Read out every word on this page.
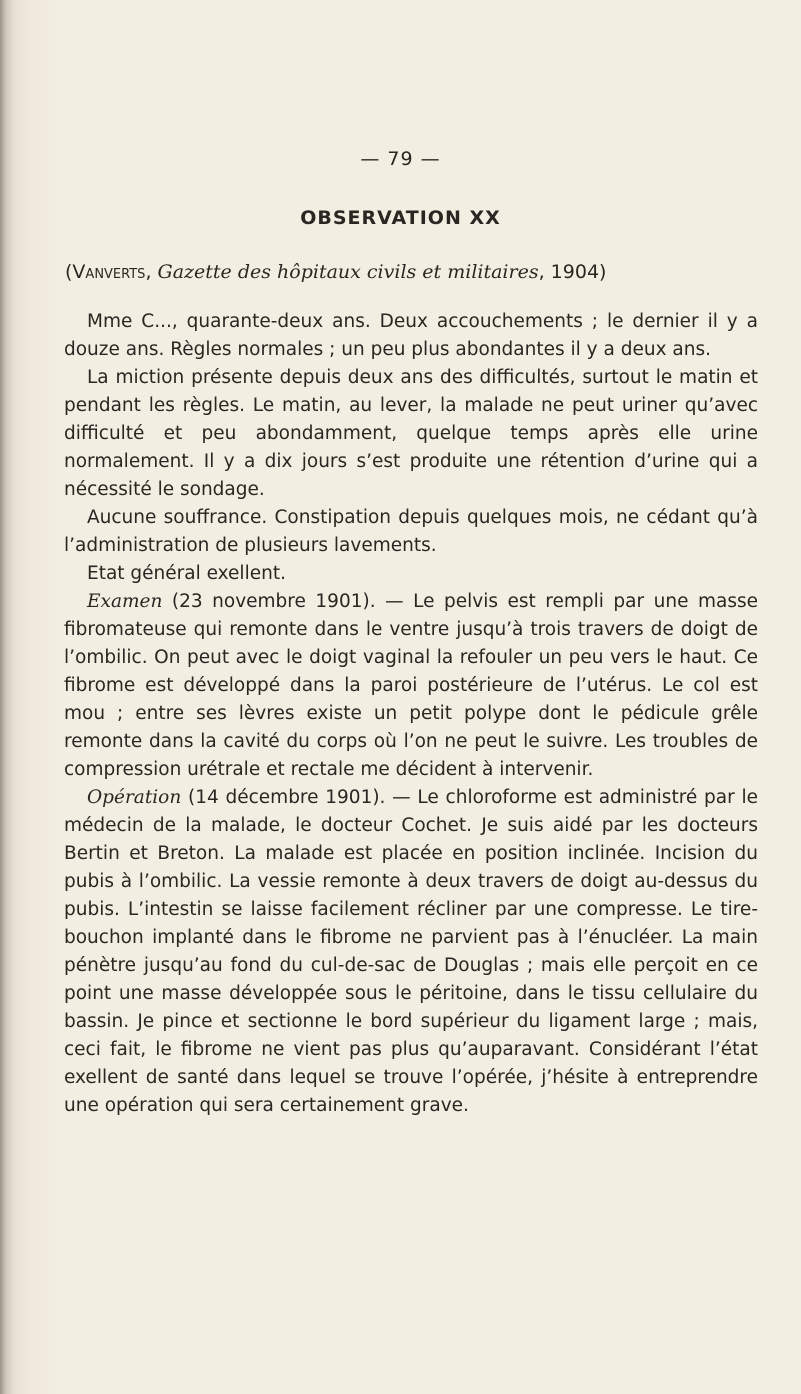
— 79 —
OBSERVATION XX
(Vanverts, Gazette des hôpitaux civils et militaires, 1904)

Mme C..., quarante-deux ans. Deux accouchements ; le dernier il y a douze ans. Règles normales ; un peu plus abondantes il y a deux ans.

La miction présente depuis deux ans des difficultés, surtout le matin et pendant les règles. Le matin, au lever, la malade ne peut uriner qu’avec difficulté et peu abondamment, quelque temps après elle urine normalement. Il y a dix jours s’est produite une rétention d’urine qui a nécessité le sondage.

Aucune souffrance. Constipation depuis quelques mois, ne cédant qu’à l’administration de plusieurs lavements.

Etat général exellent.

Examen (23 novembre 1901). — Le pelvis est rempli par une masse fibromateuse qui remonte dans le ventre jusqu’à trois travers de doigt de l’ombilic. On peut avec le doigt vaginal la refouler un peu vers le haut. Ce fibrome est développé dans la paroi postérieure de l’utérus. Le col est mou ; entre ses lèvres existe un petit polype dont le pédicule grêle remonte dans la cavité du corps où l’on ne peut le suivre. Les troubles de compression urétrale et rectale me décident à intervenir.

Opération (14 décembre 1901). — Le chloroforme est administré par le médecin de la malade, le docteur Cochet. Je suis aidé par les docteurs Bertin et Breton. La malade est placée en position inclinée. Incision du pubis à l’ombilic. La vessie remonte à deux travers de doigt au-dessus du pubis. L’intestin se laisse facilement récliner par une compresse. Le tire-bouchon implanté dans le fibrome ne parvient pas à l’énucléer. La main pénètre jusqu’au fond du cul-de-sac de Douglas ; mais elle perçoit en ce point une masse développée sous le péritoine, dans le tissu cellulaire du bassin. Je pince et sectionne le bord supérieur du ligament large ; mais, ceci fait, le fibrome ne vient pas plus qu’auparavant. Considérant l’état exellent de santé dans lequel se trouve l’opérée, j’hésite à entreprendre une opération qui sera certainement grave.
